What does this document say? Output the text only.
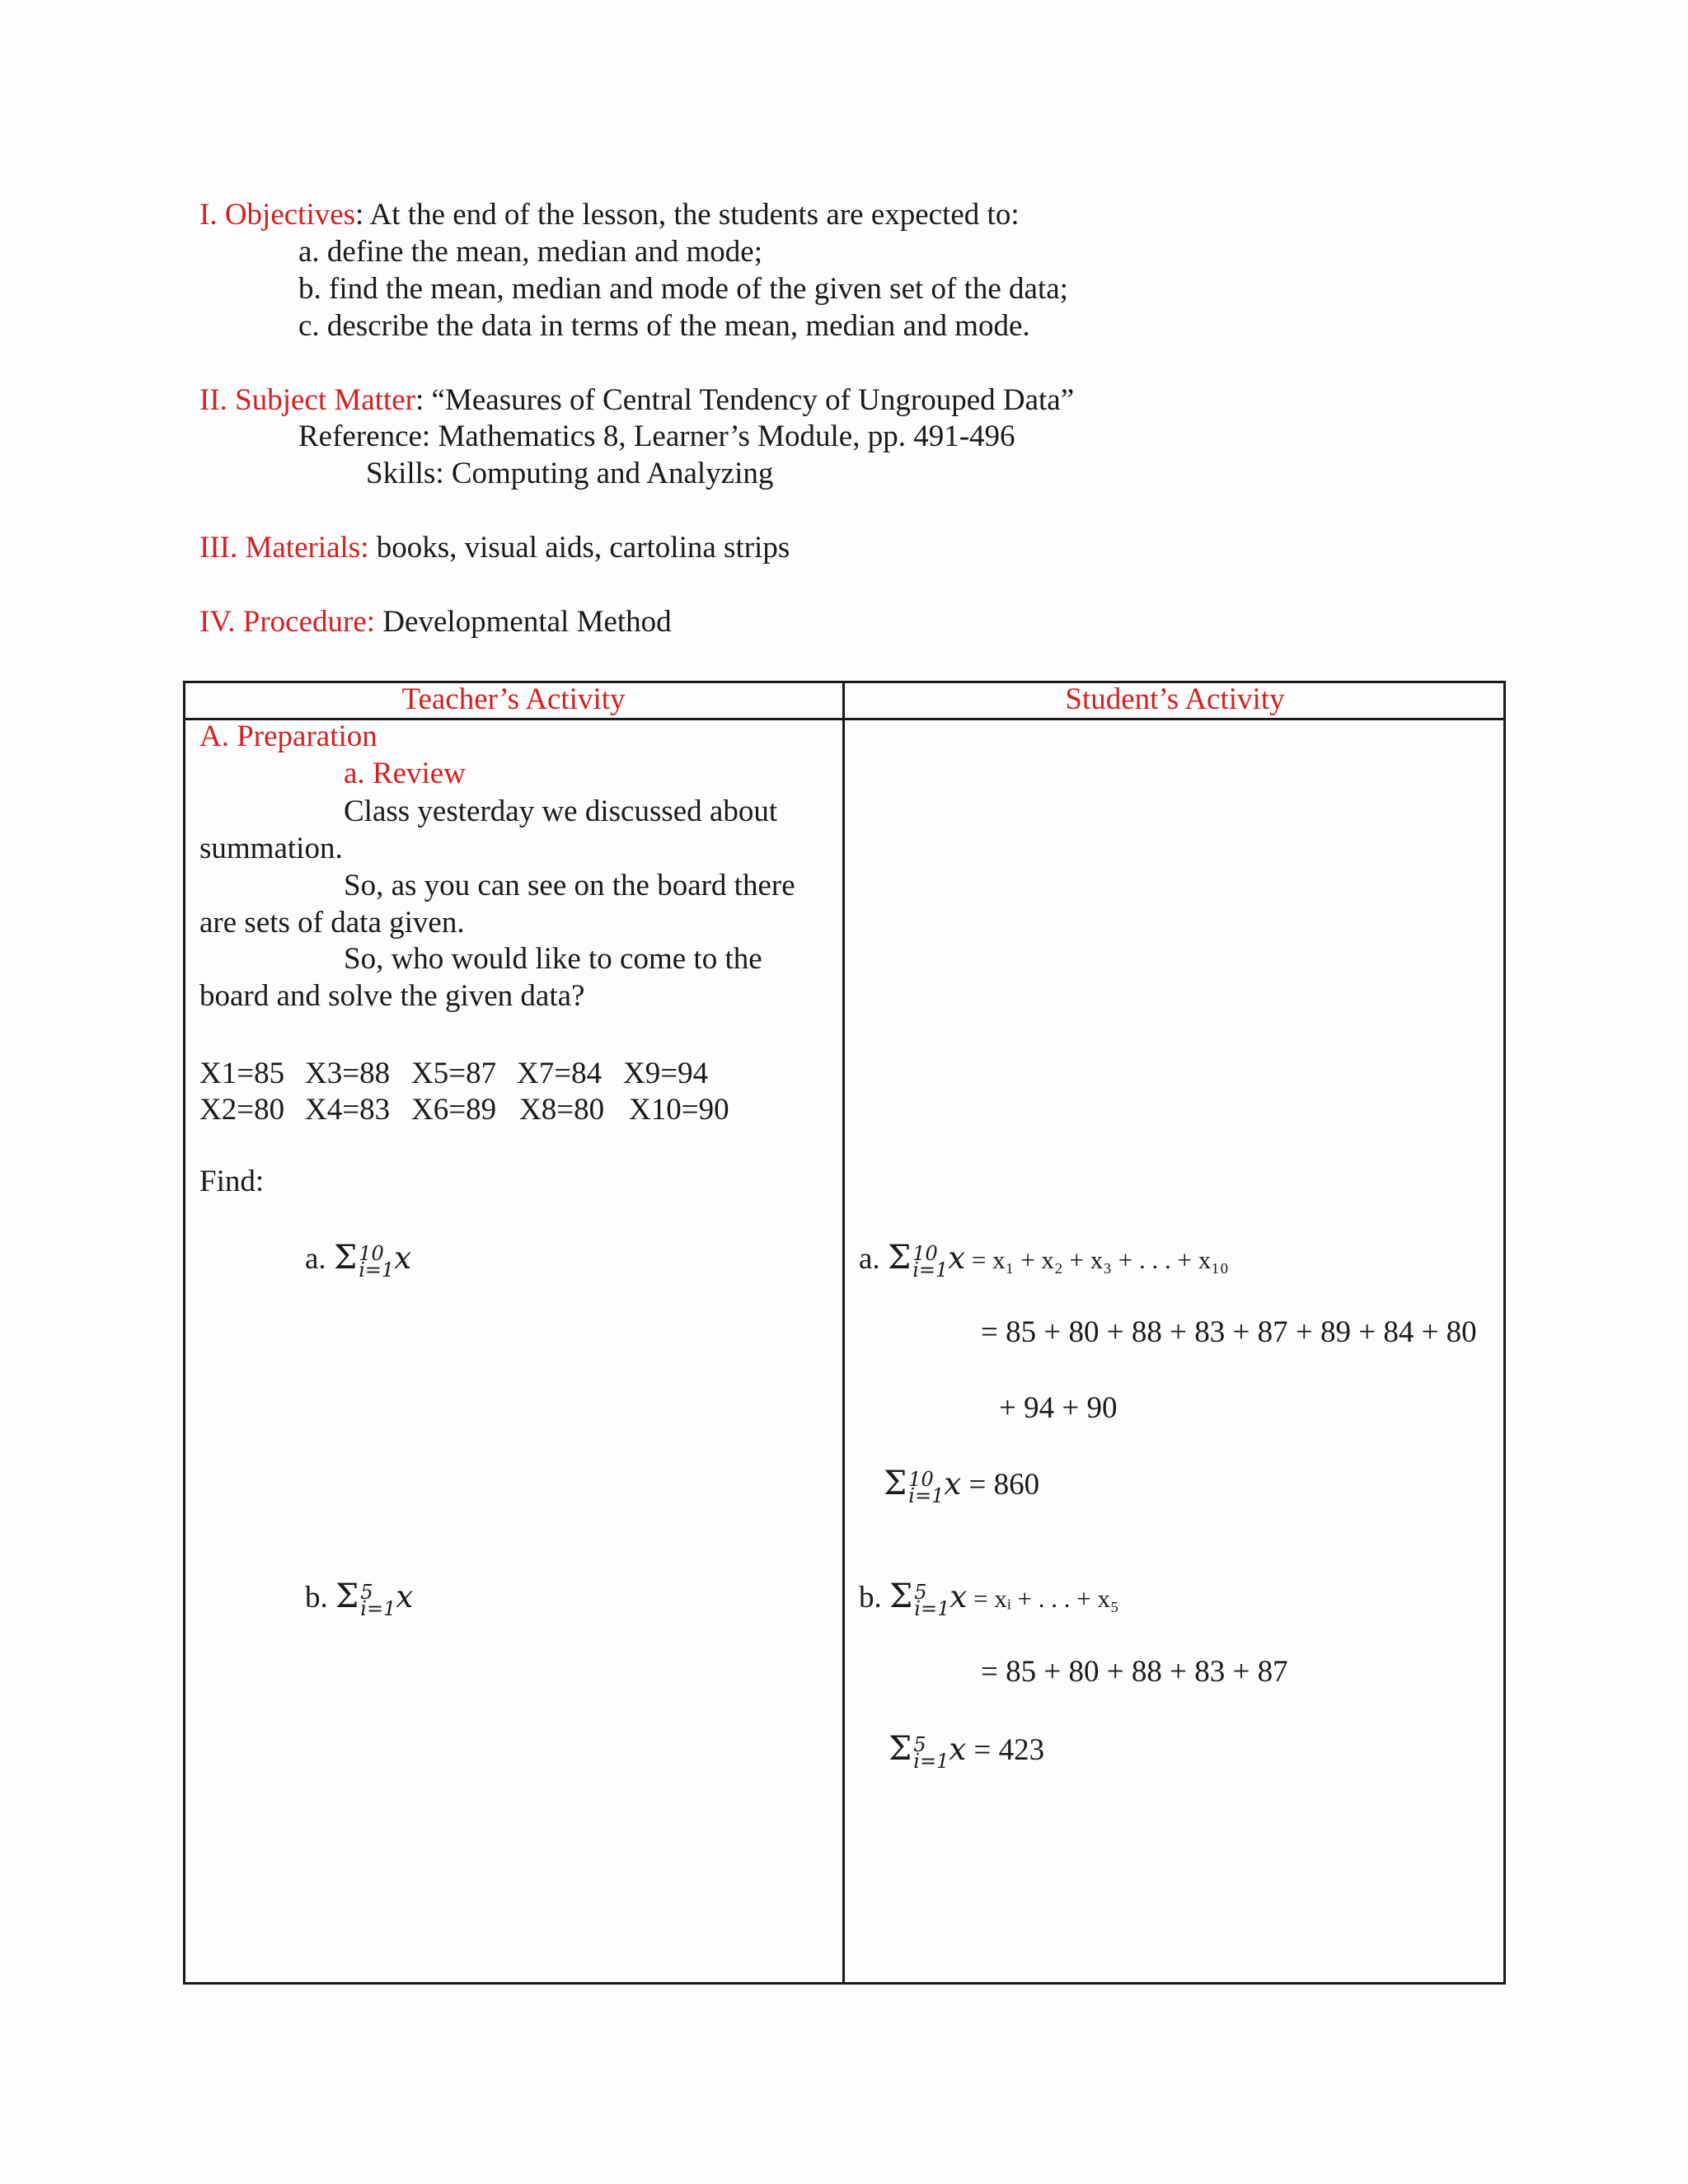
I. Objectives: At the end of the lesson, the students are expected to:
a. define the mean, median and mode;
b. find the mean, median and mode of the given set of the data;
c. describe the data in terms of the mean, median and mode.
II. Subject Matter: “Measures of Central Tendency of Ungrouped Data”
Reference: Mathematics 8, Learner’s Module, pp. 491-496
Skills: Computing and Analyzing
III. Materials: books, visual aids, cartolina strips
IV. Procedure: Developmental Method
Teacher’s Activity	Student’s Activity
A. Preparation
a. Review
Class yesterday we discussed about summation.
So, as you can see on the board there are sets of data given.
So, who would like to come to the board and solve the given data?
X1=85 X3=88 X5=87 X7=84 X9=94
X2=80 X4=83 X6=89 X8=80 X10=90
Find:
a. Σ 10
i=1 x
b. Σ 5
i=1 x
a. Σ 10
i=1 x = x₁ + x₂ + x₃ + . . . + x₁₀
= 85 + 80 + 88 + 83 + 87 + 89 + 84 + 80
+ 94 + 90
Σ 10
i=1 x = 860
b. Σ 5
i=1 x = xᵢ + . . . + x₅
= 85 + 80 + 88 + 83 + 87
Σ 5
i=1 x = 423
